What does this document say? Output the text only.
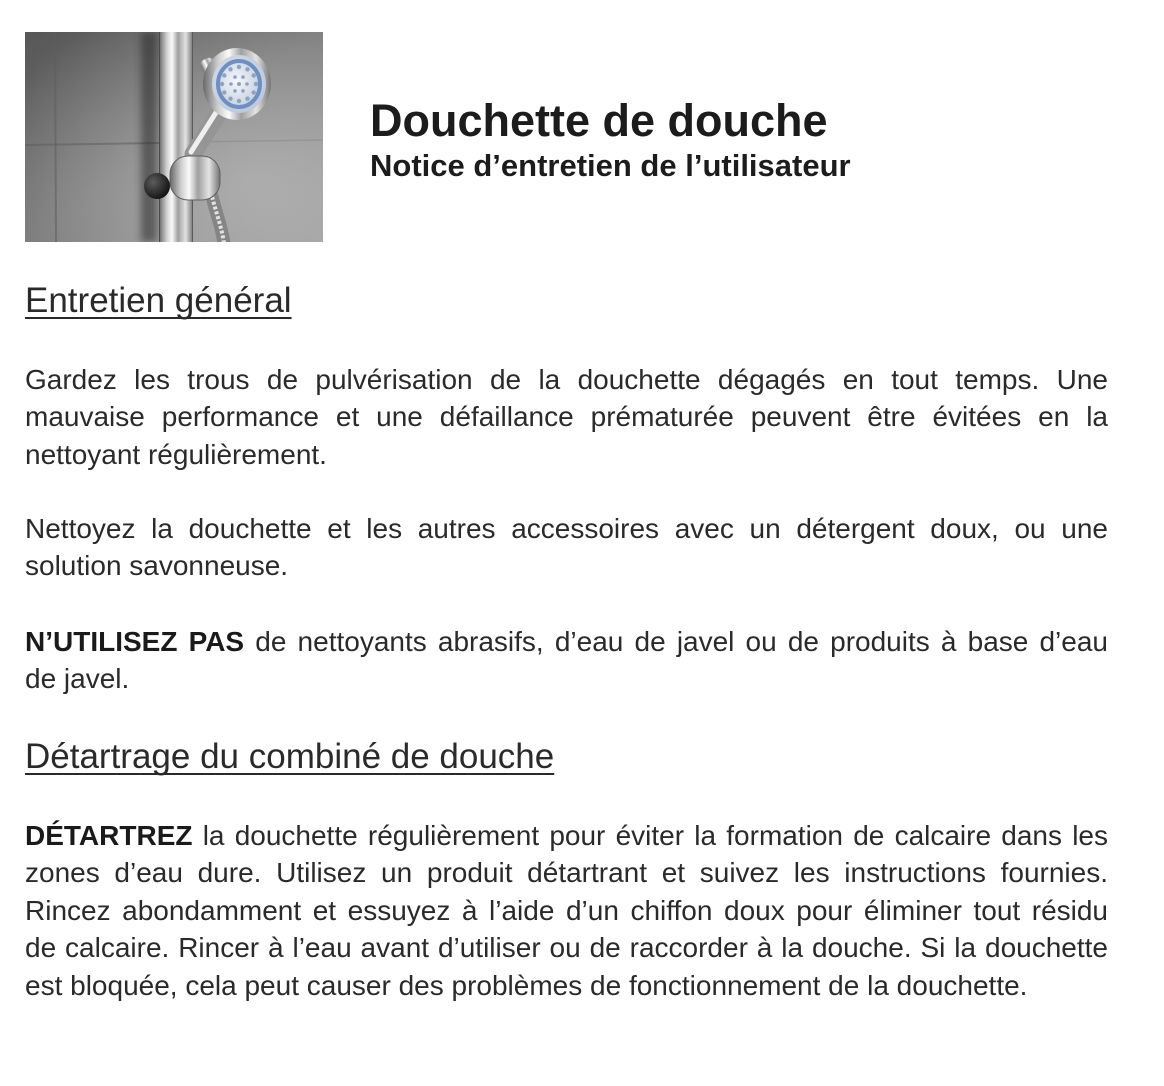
Douchette de douche
Notice d’entretien de l’utilisateur
Entretien général

Gardez les trous de pulvérisation de la douchette dégagés en tout temps. Une
mauvaise performance et une défaillance prématurée peuvent être évitées en la
nettoyant régulièrement.

Nettoyez la douchette et les autres accessoires avec un détergent doux, ou une
solution savonneuse.

N’UTILISEZ PAS de nettoyants abrasifs, d’eau de javel ou de produits à base d’eau
de javel.

Détartrage du combiné de douche

DÉTARTREZ la douchette régulièrement pour éviter la formation de calcaire dans les
zones d’eau dure. Utilisez un produit détartrant et suivez les instructions fournies.
Rincez abondamment et essuyez à l’aide d’un chiffon doux pour éliminer tout résidu
de calcaire. Rincer à l’eau avant d’utiliser ou de raccorder à la douche. Si la douchette
est bloquée, cela peut causer des problèmes de fonctionnement de la douchette.
